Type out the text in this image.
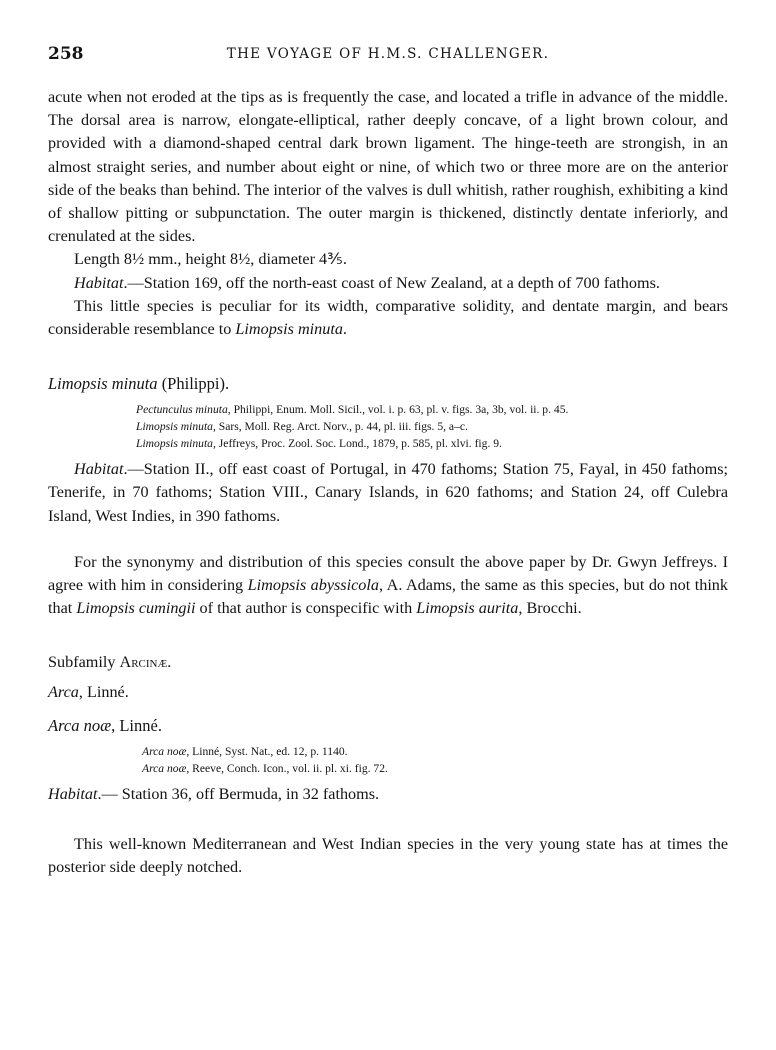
258	THE VOYAGE OF H.M.S. CHALLENGER.

acute when not eroded at the tips as is frequently the case, and located a trifle in advance of the middle. The dorsal area is narrow, elongate-elliptical, rather deeply concave, of a light brown colour, and provided with a diamond-shaped central dark brown ligament. The hinge-teeth are strongish, in an almost straight series, and number about eight or nine, of which two or three more are on the anterior side of the beaks than behind. The interior of the valves is dull whitish, rather roughish, exhibiting a kind of shallow pitting or subpunctation. The outer margin is thickened, distinctly dentate inferiorly, and crenulated at the sides.

Length 8½ mm., height 8½, diameter 4⅗.

Habitat.—Station 169, off the north-east coast of New Zealand, at a depth of 700 fathoms.

This little species is peculiar for its width, comparative solidity, and dentate margin, and bears considerable resemblance to Limopsis minuta.

Limopsis minuta (Philippi).

Pectunculus minuta, Philippi, Enum. Moll. Sicil., vol. i. p. 63, pl. v. figs. 3a, 3b, vol. ii. p. 45.
Limopsis minuta, Sars, Moll. Reg. Arct. Norv., p. 44, pl. iii. figs. 5, a–c.
Limopsis minuta, Jeffreys, Proc. Zool. Soc. Lond., 1879, p. 585, pl. xlvi. fig. 9.

Habitat.—Station II., off east coast of Portugal, in 470 fathoms; Station 75, Fayal, in 450 fathoms; Tenerife, in 70 fathoms; Station VIII., Canary Islands, in 620 fathoms; and Station 24, off Culebra Island, West Indies, in 390 fathoms.

For the synonymy and distribution of this species consult the above paper by Dr. Gwyn Jeffreys. I agree with him in considering Limopsis abyssicola, A. Adams, the same as this species, but do not think that Limopsis cumingii of that author is conspecific with Limopsis aurita, Brocchi.

Subfamily Arcinæ.

Arca, Linné.

Arca noæ, Linné.

Arca noæ, Linné, Syst. Nat., ed. 12, p. 1140.
Arca noæ, Reeve, Conch. Icon., vol. ii. pl. xi. fig. 72.

Habitat.— Station 36, off Bermuda, in 32 fathoms.

This well-known Mediterranean and West Indian species in the very young state has at times the posterior side deeply notched.
